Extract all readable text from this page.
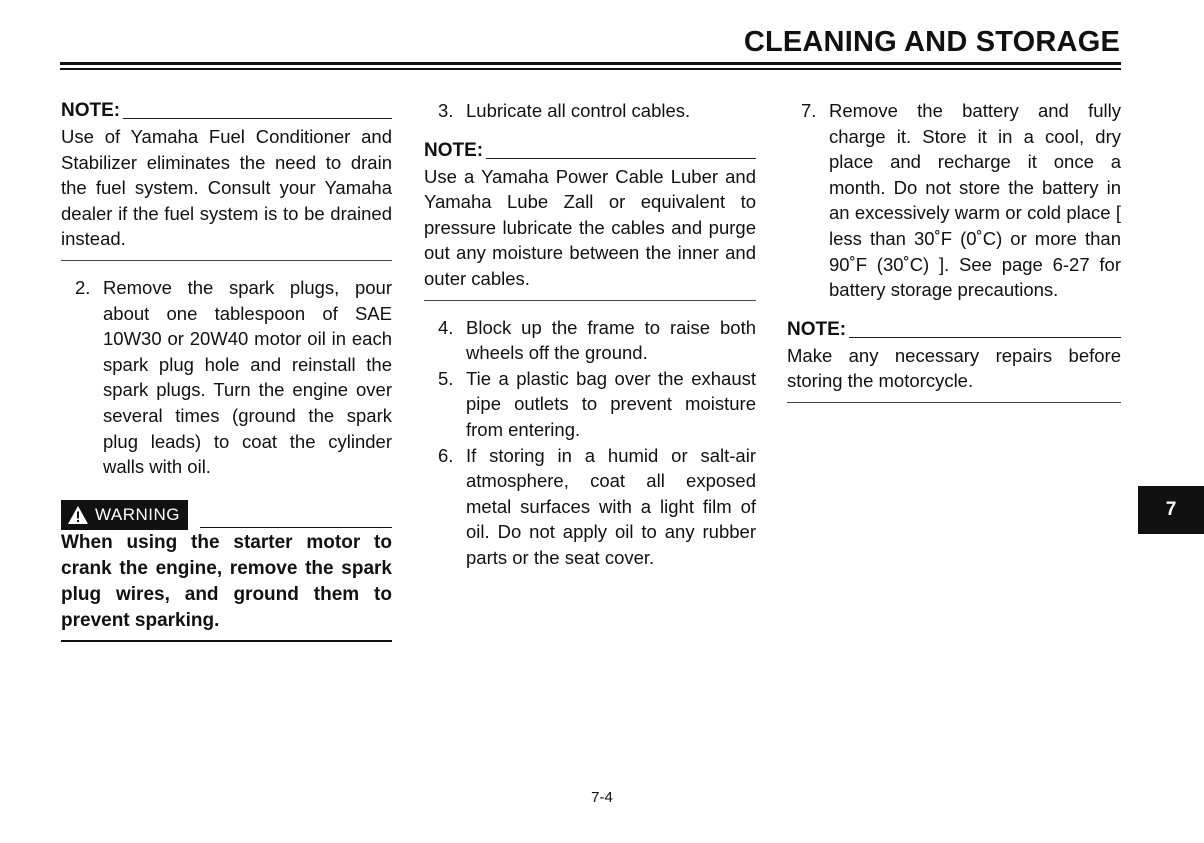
CLEANING AND STORAGE
NOTE:

Use of Yamaha Fuel Conditioner and Stabilizer eliminates the need to drain the fuel system. Consult your Yamaha dealer if the fuel system is to be drained instead.

2. Remove the spark plugs, pour about one tablespoon of SAE 10W30 or 20W40 motor oil in each spark plug hole and reinstall the spark plugs. Turn the engine over several times (ground the spark plug leads) to coat the cylinder walls with oil.
WARNING

When using the starter motor to crank the engine, remove the spark plug wires, and ground them to prevent sparking.

3. Lubricate all control cables.
NOTE:

Use a Yamaha Power Cable Luber and Yamaha Lube Zall or equivalent to pressure lubricate the cables and purge out any moisture between the inner and outer cables.

4. Block up the frame to raise both wheels off the ground.
5. Tie a plastic bag over the exhaust pipe outlets to prevent moisture from entering.
6. If storing in a humid or salt-air atmosphere, coat all exposed metal surfaces with a light film of oil. Do not apply oil to any rubber parts or the seat cover.
7. Remove the battery and fully charge it. Store it in a cool, dry place and recharge it once a month. Do not store the battery in an excessively warm or cold place [ less than 30˚F (0˚C) or more than 90˚F (30˚C) ]. See page 6-27 for battery storage precautions.
NOTE:

Make any necessary repairs before storing the motorcycle.

7-4
7
